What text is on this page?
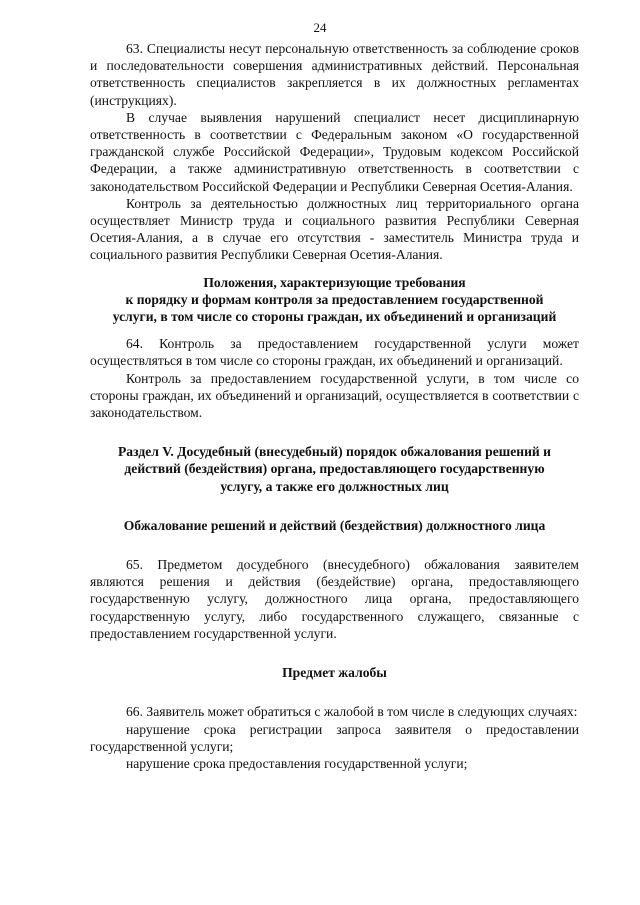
24

63. Специалисты несут персональную ответственность за соблюдение сроков и последовательности совершения административных действий. Персональная ответственность специалистов закрепляется в их должностных регламентах (инструкциях).

В случае выявления нарушений специалист несет дисциплинарную ответственность в соответствии с Федеральным законом «О государственной гражданской службе Российской Федерации», Трудовым кодексом Российской Федерации, а также административную ответственность в соответствии с законодательством Российской Федерации и Республики Северная Осетия-Алания.

Контроль за деятельностью должностных лиц территориального органа осуществляет Министр труда и социального развития Республики Северная Осетия-Алания, а в случае его отсутствия - заместитель Министра труда и социального развития Республики Северная Осетия-Алания.

Положения, характеризующие требования
к порядку и формам контроля за предоставлением государственной
услуги, в том числе со стороны граждан, их объединений и организаций

64. Контроль за предоставлением государственной услуги может осуществляться в том числе со стороны граждан, их объединений и организаций.

Контроль за предоставлением государственной услуги, в том числе со стороны граждан, их объединений и организаций, осуществляется в соответствии с законодательством.

Раздел V. Досудебный (внесудебный) порядок обжалования решений и
действий (бездействия) органа, предоставляющего государственную
услугу, а также его должностных лиц
Обжалование решений и действий (бездействия) должностного лица

65. Предметом досудебного (внесудебного) обжалования заявителем являются решения и действия (бездействие) органа, предоставляющего государственную услугу, должностного лица органа, предоставляющего государственную услугу, либо государственного служащего, связанные с предоставлением государственной услуги.

Предмет жалобы

66. Заявитель может обратиться с жалобой в том числе в следующих случаях:

нарушение срока регистрации запроса заявителя о предоставлении государственной услуги;

нарушение срока предоставления государственной услуги;
